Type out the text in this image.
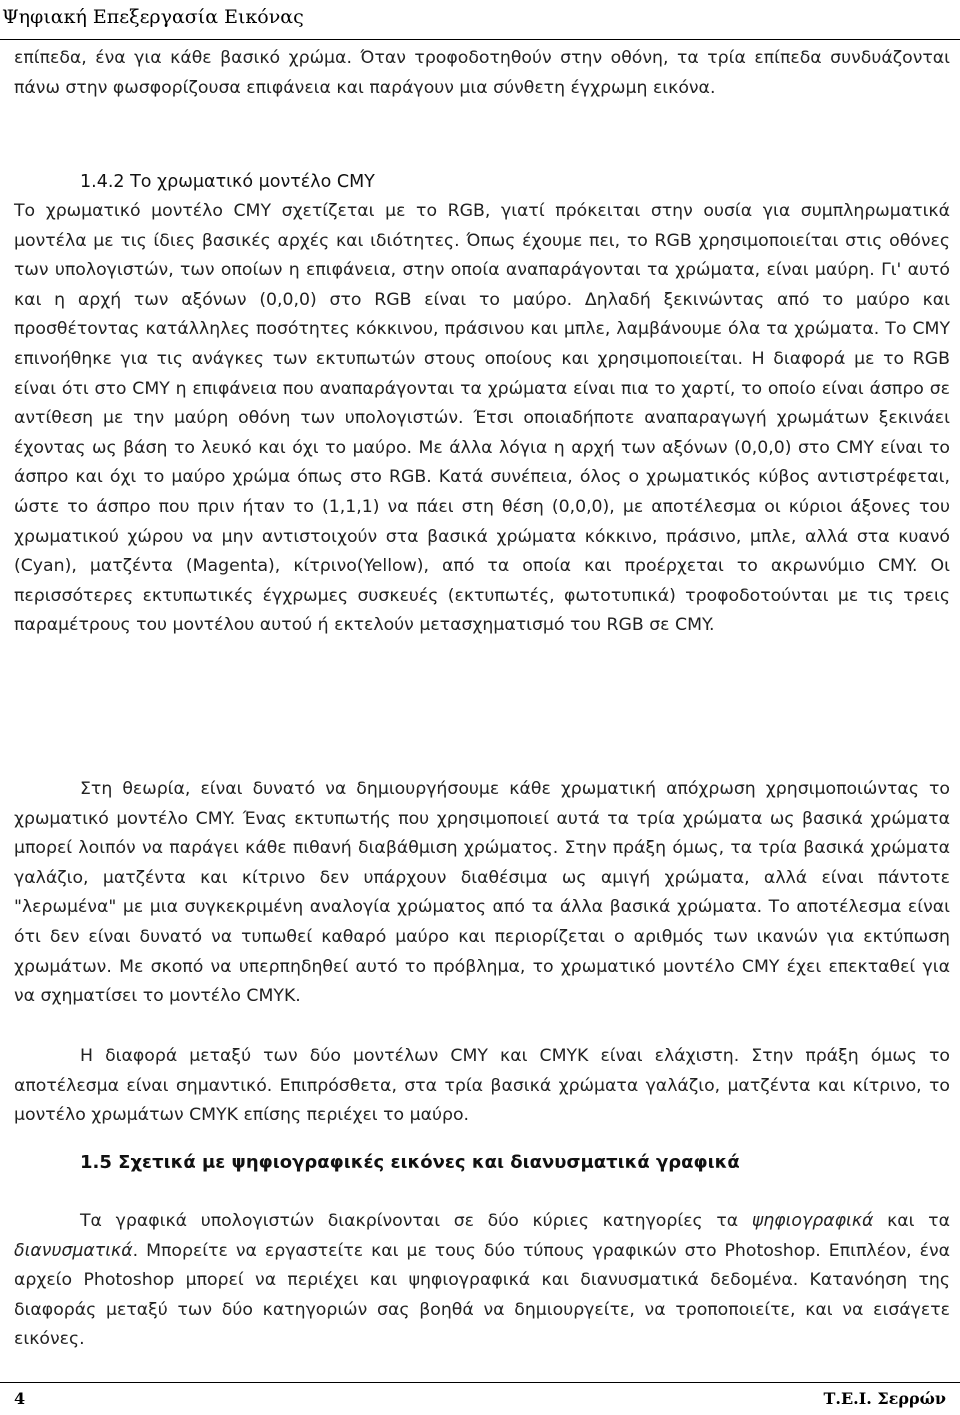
Ψηφιακή Επεξεργασία Εικόνας

επίπεδα, ένα για κάθε βασικό χρώμα. Όταν τροφοδοτηθούν στην οθόνη, τα τρία επίπεδα συνδυάζονται πάνω στην φωσφορίζουσα επιφάνεια και παράγουν μια σύνθετη έγχρωμη εικόνα.

Το χρωματικό μοντέλο CMY σχετίζεται με το RGB, γιατί πρόκειται στην ουσία για συμπληρωματικά μοντέλα με τις ίδιες βασικές αρχές και ιδιότητες. Όπως έχουμε πει, το RGB χρησιμοποιείται στις οθόνες των υπολογιστών, των οποίων η επιφάνεια, στην οποία αναπαράγονται τα χρώματα, είναι μαύρη. Γι' αυτό και η αρχή των αξόνων (0,0,0) στο RGB είναι το μαύρο. Δηλαδή ξεκινώντας από το μαύρο και προσθέτοντας κατάλληλες ποσότητες κόκκινου, πράσινου και μπλε, λαμβάνουμε όλα τα χρώματα. Το CMY επινοήθηκε για τις ανάγκες των εκτυπωτών στους οποίους και χρησιμοποιείται. Η διαφορά με το RGB είναι ότι στο CMY η επιφάνεια που αναπαράγονται τα χρώματα είναι πια το χαρτί, το οποίο είναι άσπρο σε αντίθεση με την μαύρη οθόνη των υπολογιστών. Έτσι οποιαδήποτε αναπαραγωγή χρωμάτων ξεκινάει έχοντας ως βάση το λευκό και όχι το μαύρο. Με άλλα λόγια η αρχή των αξόνων (0,0,0) στο CMY είναι το άσπρο και όχι το μαύρο χρώμα όπως στο RGB. Κατά συνέπεια, όλος ο χρωματικός κύβος αντιστρέφεται, ώστε το άσπρο που πριν ήταν το (1,1,1) να πάει στη θέση (0,0,0), με αποτέλεσμα οι κύριοι άξονες του χρωματικού χώρου να μην αντιστοιχούν στα βασικά χρώματα κόκκινο, πράσινο, μπλε, αλλά στα κυανό (Cyan), ματζέντα (Magenta), κίτρινο(Yellow), από τα οποία και προέρχεται το ακρωνύμιο CMY. Οι περισσότερες εκτυπωτικές έγχρωμες συσκευές (εκτυπωτές, φωτοτυπικά) τροφοδοτούνται με τις τρεις παραμέτρους του μοντέλου αυτού ή εκτελούν μετασχηματισμό του RGB σε CMY.

Στη θεωρία, είναι δυνατό να δημιουργήσουμε κάθε χρωματική απόχρωση χρησιμοποιώντας το χρωματικό μοντέλο CMY. Ένας εκτυπωτής που χρησιμοποιεί αυτά τα τρία χρώματα ως βασικά χρώματα μπορεί λοιπόν να παράγει κάθε πιθανή διαβάθμιση χρώματος. Στην πράξη όμως, τα τρία βασικά χρώματα γαλάζιο, ματζέντα και κίτρινο δεν υπάρχουν διαθέσιμα ως αμιγή χρώματα, αλλά είναι πάντοτε "λερωμένα" με μια συγκεκριμένη αναλογία χρώματος από τα άλλα βασικά χρώματα. Το αποτέλεσμα είναι ότι δεν είναι δυνατό να τυπωθεί καθαρό μαύρο και περιορίζεται ο αριθμός των ικανών για εκτύπωση χρωμάτων. Με σκοπό να υπερπηδηθεί αυτό το πρόβλημα, το χρωματικό μοντέλο CMY έχει επεκταθεί για να σχηματίσει το μοντέλο CMYK.

Η διαφορά μεταξύ των δύο μοντέλων CMY και CMYK είναι ελάχιστη. Στην πράξη όμως το αποτέλεσμα είναι σημαντικό. Επιπρόσθετα, στα τρία βασικά χρώματα γαλάζιο, ματζέντα και κίτρινο, το μοντέλο χρωμάτων CMYK επίσης περιέχει το μαύρο.

Τα γραφικά υπολογιστών διακρίνονται σε δύο κύριες κατηγορίες τα ψηφιογραφικά και τα διανυσματικά. Μπορείτε να εργαστείτε και με τους δύο τύπους γραφικών στο Photoshop. Επιπλέον, ένα αρχείο Photoshop μπορεί να περιέχει και ψηφιογραφικά και διανυσματικά δεδομένα. Κατανόηση της διαφοράς μεταξύ των δύο κατηγοριών σας βοηθά να δημιουργείτε, να τροποποιείτε, και να εισάγετε εικόνες.

1.4.2 Το χρωματικό μοντέλο CMY

1.5 Σχετικά με ψηφιογραφικές εικόνες και διανυσματικά γραφικά

4	Τ.Ε.Ι. Σερρών
